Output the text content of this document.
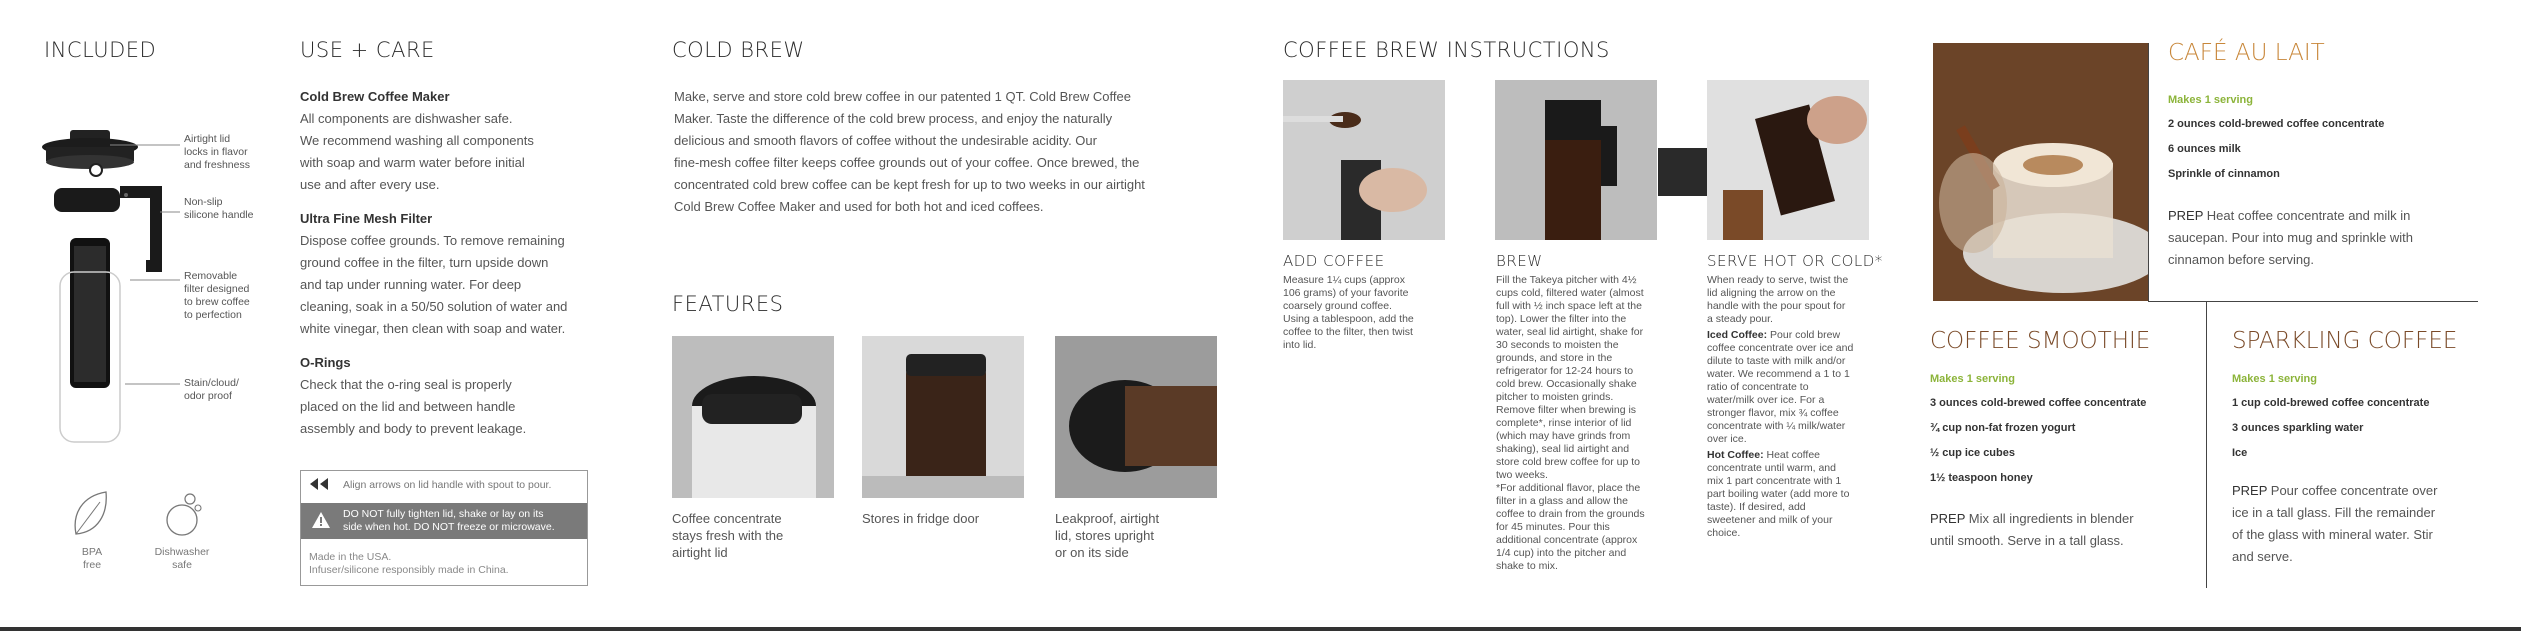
INCLUDED
Airtight lid
locks in flavor
and freshness
Non-slip
silicone handle
Removable
filter designed
to brew coffee
to perfection
Stain/cloud/
odor proof
BPA
free
Dishwasher
safe
USE + CARE
Cold Brew Coffee Maker
All components are dishwasher safe.
We recommend washing all components
with soap and warm water before initial
use and after every use.
Ultra Fine Mesh Filter
Dispose coffee grounds. To remove remaining
ground coffee in the filter, turn upside down
and tap under running water. For deep
cleaning, soak in a 50/50 solution of water and
white vinegar, then clean with soap and water.
O-Rings
Check that the o-ring seal is properly
placed on the lid and between handle
assembly and body to prevent leakage.
Align arrows on lid handle with spout to pour.
DO NOT fully tighten lid, shake or lay on its
side when hot. DO NOT freeze or microwave.
Made in the USA.
Infuser/silicone responsibly made in China.
COLD BREW
Make, serve and store cold brew coffee in our patented 1 QT. Cold Brew Coffee
Maker. Taste the difference of the cold brew process, and enjoy the naturally
delicious and smooth flavors of coffee without the undesirable acidity. Our
fine-mesh coffee filter keeps coffee grounds out of your coffee. Once brewed, the
concentrated cold brew coffee can be kept fresh for up to two weeks in our airtight
Cold Brew Coffee Maker and used for both hot and iced coffees.
FEATURES
Coffee concentrate
stays fresh with the
airtight lid
Stores in fridge door	Leakproof, airtight
lid, stores upright
or on its side
COFFEE BREW INSTRUCTIONS
ADD COFFEE
Measure 1¼ cups (approx
106 grams) of your favorite
coarsely ground coffee.
Using a tablespoon, add the
coffee to the filter, then twist
into lid.
BREW
Fill the Takeya pitcher with 4½
cups cold, filtered water (almost
full with ½ inch space left at the
top). Lower the filter into the
water, seal lid airtight, shake for
30 seconds to moisten the
grounds, and store in the
refrigerator for 12-24 hours to
cold brew. Occasionally shake
pitcher to moisten grinds.
Remove filter when brewing is
complete*, rinse interior of lid
(which may have grinds from
shaking), seal lid airtight and
store cold brew coffee for up to
two weeks.
*For additional flavor, place the
filter in a glass and allow the
coffee to drain from the grounds
for 45 minutes. Pour this
additional concentrate (approx
1/4 cup) into the pitcher and
shake to mix.
SERVE HOT OR COLD*
When ready to serve, twist the
lid aligning the arrow on the
handle with the pour spout for
a steady pour.
Iced Coffee: Pour cold brew
coffee concentrate over ice and
dilute to taste with milk and/or
water. We recommend a 1 to 1
ratio of concentrate to
water/milk over ice. For a
stronger flavor, mix ¾ coffee
concentrate with ¼ milk/water
over ice.
Hot Coffee: Heat coffee
concentrate until warm, and
mix 1 part concentrate with 1
part boiling water (add more to
taste). If desired, add
sweetener and milk of your
choice.
CAFÉ AU LAIT
Makes 1 serving
2 ounces cold-brewed coffee concentrate
6 ounces milk
Sprinkle of cinnamon
PREP Heat coffee concentrate and milk in
saucepan. Pour into mug and sprinkle with
cinnamon before serving.
COFFEE SMOOTHIE
Makes 1 serving
3 ounces cold-brewed coffee concentrate
¾ cup non-fat frozen yogurt
½ cup ice cubes
1½ teaspoon honey
PREP Mix all ingredients in blender
until smooth. Serve in a tall glass.
SPARKLING COFFEE
Makes 1 serving
1 cup cold-brewed coffee concentrate
3 ounces sparkling water
Ice
PREP Pour coffee concentrate over
ice in a tall glass. Fill the remainder
of the glass with mineral water. Stir
and serve.
